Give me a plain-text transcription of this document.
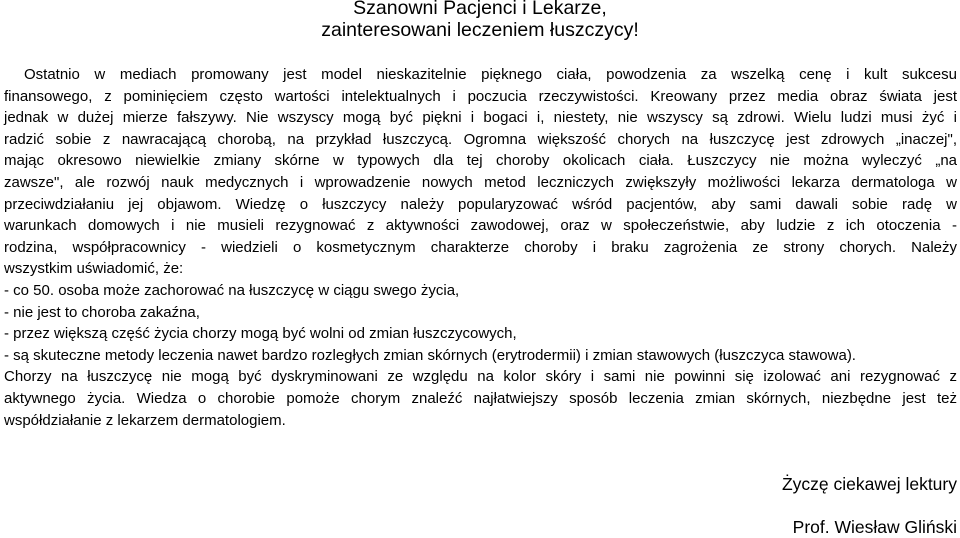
Szanowni Pacjenci i Lekarze,
zainteresowani leczeniem łuszczycy!

Ostatnio w mediach promowany jest model nieskazitelnie pięknego ciała, powodzenia za wszelką cenę i kult sukcesu
finansowego, z pominięciem często wartości intelektualnych i poczucia rzeczywistości. Kreowany przez media obraz świata jest
jednak w dużej mierze fałszywy. Nie wszyscy mogą być piękni i bogaci i, niestety, nie wszyscy są zdrowi. Wielu ludzi musi żyć i
radzić sobie z nawracającą chorobą, na przykład łuszczycą. Ogromna większość chorych na łuszczycę jest zdrowych „inaczej",
mając okresowo niewielkie zmiany skórne w typowych dla tej choroby okolicach ciała. Łuszczycy nie można wyleczyć „na
zawsze", ale rozwój nauk medycznych i wprowadzenie nowych metod leczniczych zwiększyły możliwości lekarza dermatologa w
przeciwdziałaniu jej objawom. Wiedzę o łuszczycy należy popularyzować wśród pacjentów, aby sami dawali sobie radę w
warunkach domowych i nie musieli rezygnować z aktywności zawodowej, oraz w społeczeństwie, aby ludzie z ich otoczenia -
rodzina, współpracownicy - wiedzieli o kosmetycznym charakterze choroby i braku zagrożenia ze strony chorych. Należy
wszystkim uświadomić, że:

- co 50. osoba może zachorować na łuszczycę w ciągu swego życia,
- nie jest to choroba zakaźna,
- przez większą część życia chorzy mogą być wolni od zmian łuszczycowych,
- są skuteczne metody leczenia nawet bardzo rozległych zmian skórnych (erytrodermii) i zmian stawowych (łuszczyca stawowa).

Chorzy na łuszczycę nie mogą być dyskryminowani ze względu na kolor skóry i sami nie powinni się izolować ani rezygnować z
aktywnego życia. Wiedza o chorobie pomoże chorym znaleźć najłatwiejszy sposób leczenia zmian skórnych, niezbędne jest też
współdziałanie z lekarzem dermatologiem.

Życzę ciekawej lektury
Prof. Wiesław Gliński
